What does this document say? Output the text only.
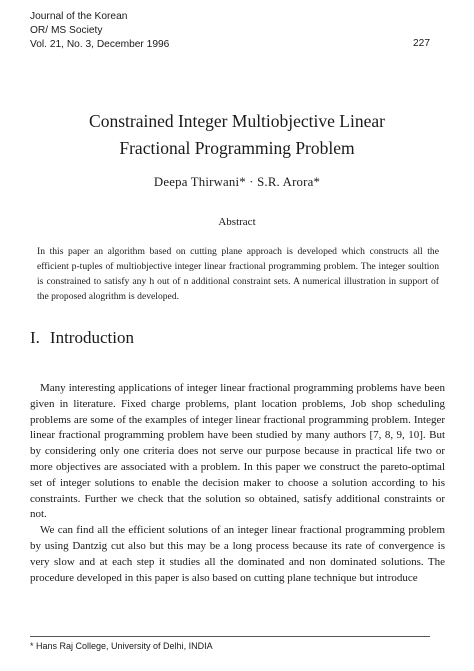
Journal of the Korean
OR/ MS Society
Vol. 21, No. 3, December 1996	227
Constrained Integer Multiobjective Linear
Fractional Programming Problem
Deepa Thirwani* · S.R. Arora*
Abstract
In this paper an algorithm based on cutting plane approach is developed which constructs all the efficient p-tuples of multiobjective integer linear fractional programming problem. The integer soultion is constrained to satisfy any h out of n additional constraint sets. A numerical illustration in support of the proposed alogrithm is developed.
I. Introduction

Many interesting applications of integer linear fractional programming problems have been given in literature. Fixed charge problems, plant location problems, Job shop scheduling problems are some of the examples of integer linear fractional programming problem. Integer linear fractional programming problem have been studied by many authors [7, 8, 9, 10]. But by considering only one criteria does not serve our purpose because in practical life two or more objectives are associated with a problem. In this paper we construct the pareto-optimal set of integer solutions to enable the decision maker to choose a solution according to his constraints. Further we check that the solution so obtained, satisfy additional constraints or not.

We can find all the efficient solutions of an integer linear fractional programming problem by using Dantzig cut also but this may be a long process because its rate of convergence is very slow and at each step it studies all the dominated and non dominated solutions. The procedure developed in this paper is also based on cutting plane technique but introduce

* Hans Raj College, University of Delhi, INDIA
